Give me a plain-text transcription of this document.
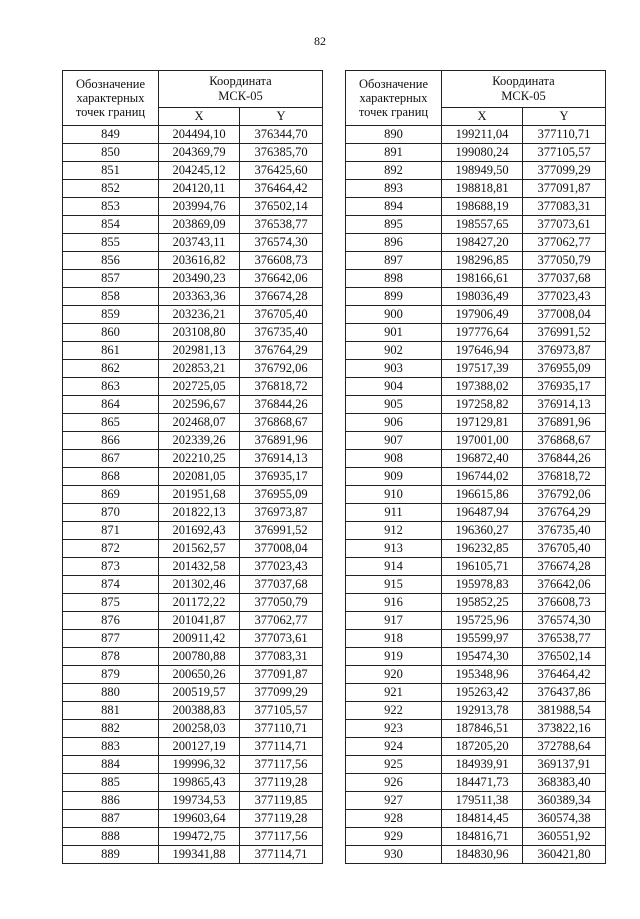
82
Обозначение
характерных
точек границ	Координата
МСК-05	
	X	Y
849	204494,10	376344,70
850	204369,79	376385,70
851	204245,12	376425,60
852	204120,11	376464,42
853	203994,76	376502,14
854	203869,09	376538,77
855	203743,11	376574,30
856	203616,82	376608,73
857	203490,23	376642,06
858	203363,36	376674,28
859	203236,21	376705,40
860	203108,80	376735,40
861	202981,13	376764,29
862	202853,21	376792,06
863	202725,05	376818,72
864	202596,67	376844,26
865	202468,07	376868,67
866	202339,26	376891,96
867	202210,25	376914,13
868	202081,05	376935,17
869	201951,68	376955,09
870	201822,13	376973,87
871	201692,43	376991,52
872	201562,57	377008,04
873	201432,58	377023,43
874	201302,46	377037,68
875	201172,22	377050,79
876	201041,87	377062,77
877	200911,42	377073,61
878	200780,88	377083,31
879	200650,26	377091,87
880	200519,57	377099,29
881	200388,83	377105,57
882	200258,03	377110,71
883	200127,19	377114,71
884	199996,32	377117,56
885	199865,43	377119,28
886	199734,53	377119,85
887	199603,64	377119,28
888	199472,75	377117,56
889	199341,88	377114,71
Обозначение
характерных
точек границ	Координата
МСК-05	
	X	Y
890	199211,04	377110,71
891	199080,24	377105,57
892	198949,50	377099,29
893	198818,81	377091,87
894	198688,19	377083,31
895	198557,65	377073,61
896	198427,20	377062,77
897	198296,85	377050,79
898	198166,61	377037,68
899	198036,49	377023,43
900	197906,49	377008,04
901	197776,64	376991,52
902	197646,94	376973,87
903	197517,39	376955,09
904	197388,02	376935,17
905	197258,82	376914,13
906	197129,81	376891,96
907	197001,00	376868,67
908	196872,40	376844,26
909	196744,02	376818,72
910	196615,86	376792,06
911	196487,94	376764,29
912	196360,27	376735,40
913	196232,85	376705,40
914	196105,71	376674,28
915	195978,83	376642,06
916	195852,25	376608,73
917	195725,96	376574,30
918	195599,97	376538,77
919	195474,30	376502,14
920	195348,96	376464,42
921	195263,42	376437,86
922	192913,78	381988,54
923	187846,51	373822,16
924	187205,20	372788,64
925	184939,91	369137,91
926	184471,73	368383,40
927	179511,38	360389,34
928	184814,45	360574,38
929	184816,71	360551,92
930	184830,96	360421,80
